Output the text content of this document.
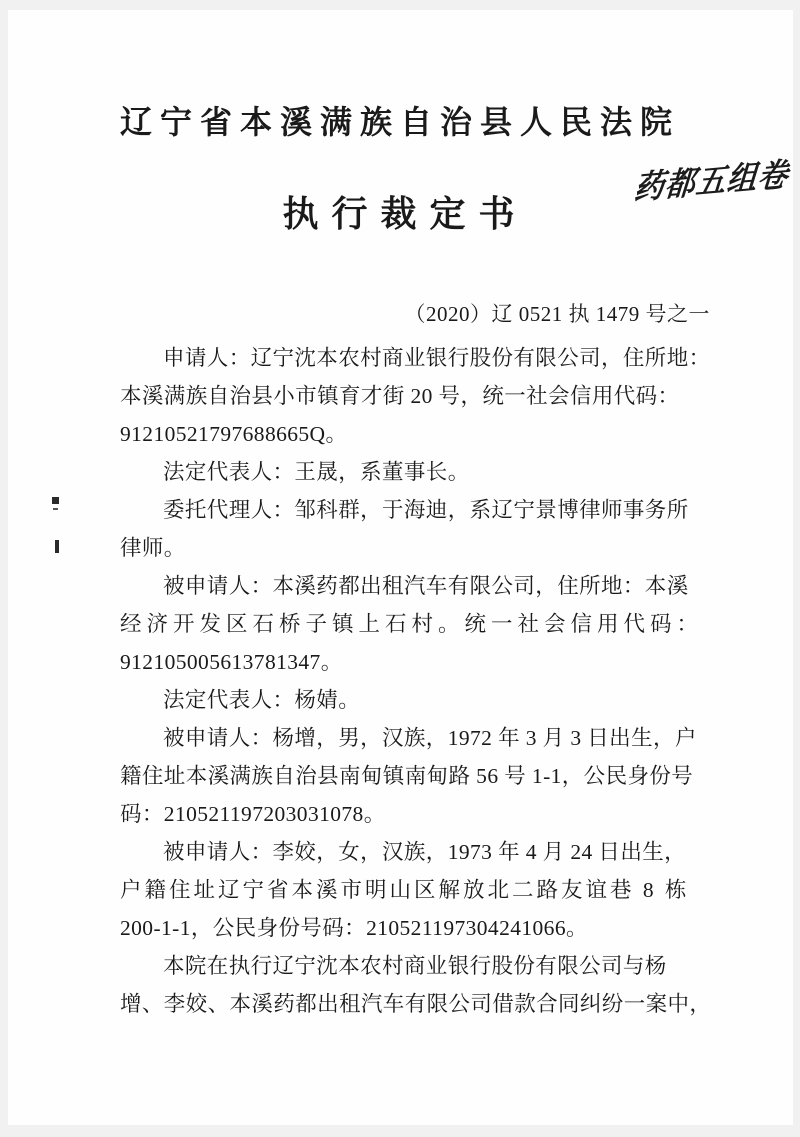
辽宁省本溪满族自治县人民法院
药都五组卷
执行裁定书
（2020）辽 0521 执 1479 号之一
申请人：辽宁沈本农村商业银行股份有限公司，住所地：
本溪满族自治县小市镇育才街 20 号，统一社会信用代码：
91210521797688665Q。
法定代表人：王晟，系董事长。
委托代理人：邹科群，于海迪，系辽宁景博律师事务所
律师。
被申请人：本溪药都出租汽车有限公司，住所地：本溪
经济开发区石桥子镇上石村。统一社会信用代码：
912105005613781347。
法定代表人：杨婧。
被申请人：杨增，男，汉族，1972 年 3 月 3 日出生，户
籍住址本溪满族自治县南甸镇南甸路 56 号 1-1，公民身份号
码：210521197203031078。
被申请人：李姣，女，汉族，1973 年 4 月 24 日出生，
户籍住址辽宁省本溪市明山区解放北二路友谊巷 8 栋
200-1-1，公民身份号码：210521197304241066。
本院在执行辽宁沈本农村商业银行股份有限公司与杨
增、李姣、本溪药都出租汽车有限公司借款合同纠纷一案中，
